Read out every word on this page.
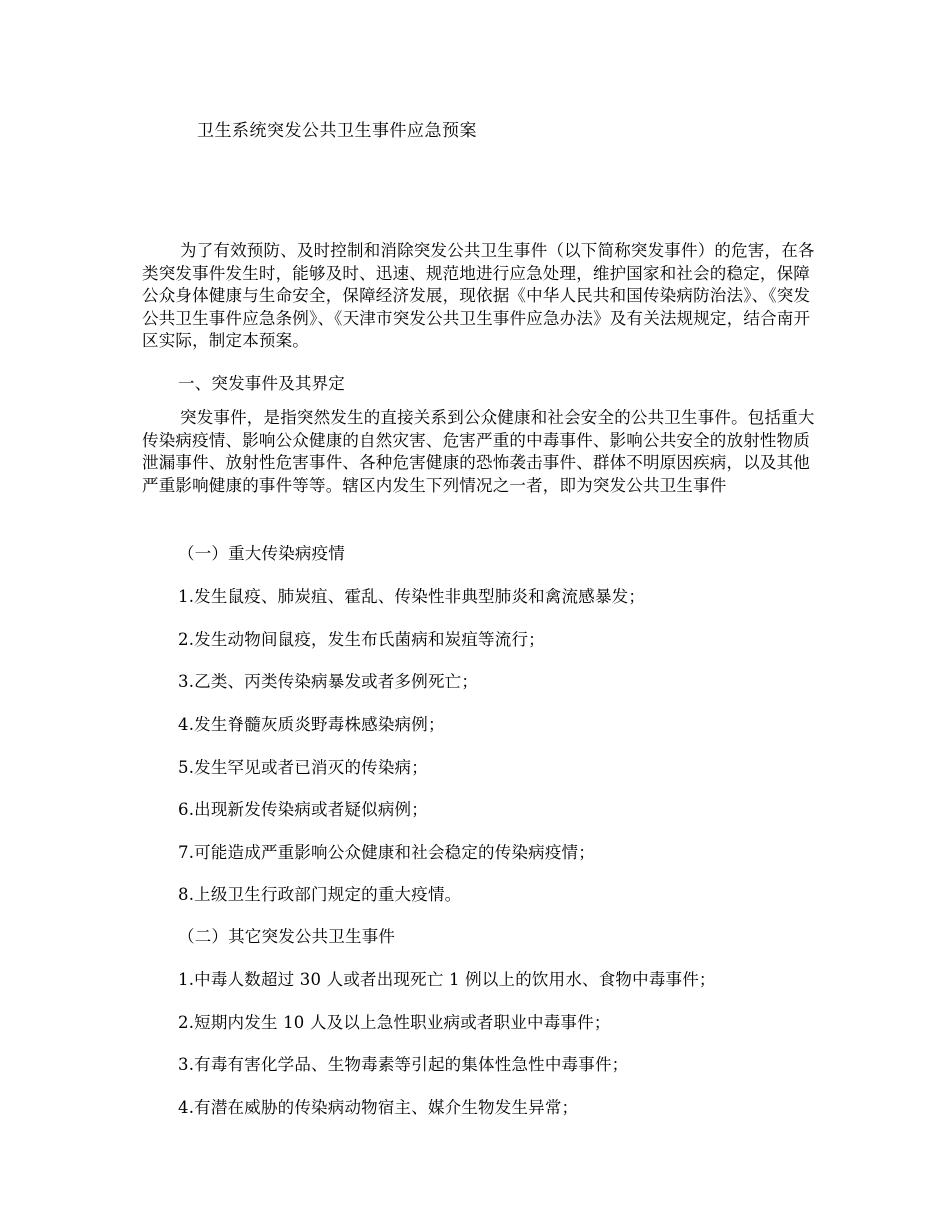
卫生系统突发公共卫生事件应急预案
为了有效预防、及时控制和消除突发公共卫生事件（以下简称突发事件）的危害，在各类突发事件发生时，能够及时、迅速、规范地进行应急处理，维护国家和社会的稳定，保障公众身体健康与生命安全，保障经济发展，现依据《中华人民共和国传染病防治法》、《突发公共卫生事件应急条例》、《天津市突发公共卫生事件应急办法》及有关法规规定，结合南开区实际，制定本预案。
一、突发事件及其界定
突发事件，是指突然发生的直接关系到公众健康和社会安全的公共卫生事件。包括重大传染病疫情、影响公众健康的自然灾害、危害严重的中毒事件、影响公共安全的放射性物质泄漏事件、放射性危害事件、各种危害健康的恐怖袭击事件、群体不明原因疾病，以及其他严重影响健康的事件等等。辖区内发生下列情况之一者，即为突发公共卫生事件
（一）重大传染病疫情
1.发生鼠疫、肺炭疽、霍乱、传染性非典型肺炎和禽流感暴发；
2.发生动物间鼠疫，发生布氏菌病和炭疽等流行；
3.乙类、丙类传染病暴发或者多例死亡；
4.发生脊髓灰质炎野毒株感染病例；
5.发生罕见或者已消灭的传染病；
6.出现新发传染病或者疑似病例；
7.可能造成严重影响公众健康和社会稳定的传染病疫情；
8.上级卫生行政部门规定的重大疫情。
（二）其它突发公共卫生事件
1.中毒人数超过 30 人或者出现死亡 1 例以上的饮用水、食物中毒事件；
2.短期内发生 10 人及以上急性职业病或者职业中毒事件；
3.有毒有害化学品、生物毒素等引起的集体性急性中毒事件；
4.有潜在威胁的传染病动物宿主、媒介生物发生异常；
